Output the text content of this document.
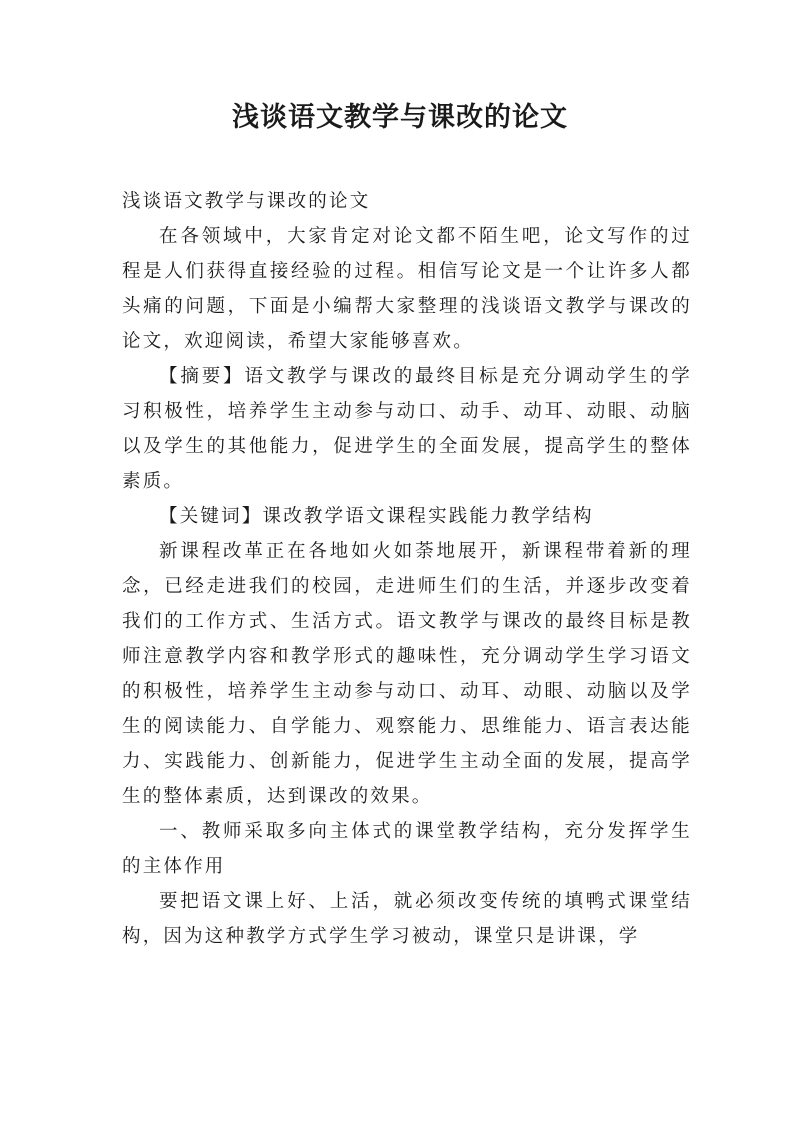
浅谈语文教学与课改的论文

浅谈语文教学与课改的论文

在各领域中，大家肯定对论文都不陌生吧，论文写作的过程是人们获得直接经验的过程。相信写论文是一个让许多人都头痛的问题，下面是小编帮大家整理的浅谈语文教学与课改的论文，欢迎阅读，希望大家能够喜欢。

【摘要】语文教学与课改的最终目标是充分调动学生的学习积极性，培养学生主动参与动口、动手、动耳、动眼、动脑以及学生的其他能力，促进学生的全面发展，提高学生的整体素质。

【关键词】课改教学语文课程实践能力教学结构

新课程改革正在各地如火如荼地展开，新课程带着新的理念，已经走进我们的校园，走进师生们的生活，并逐步改变着我们的工作方式、生活方式。语文教学与课改的最终目标是教师注意教学内容和教学形式的趣味性，充分调动学生学习语文的积极性，培养学生主动参与动口、动耳、动眼、动脑以及学生的阅读能力、自学能力、观察能力、思维能力、语言表达能力、实践能力、创新能力，促进学生主动全面的发展，提高学生的整体素质，达到课改的效果。

一、教师采取多向主体式的课堂教学结构，充分发挥学生的主体作用

要把语文课上好、上活，就必须改变传统的填鸭式课堂结构，因为这种教学方式学生学习被动，课堂只是讲课，学
